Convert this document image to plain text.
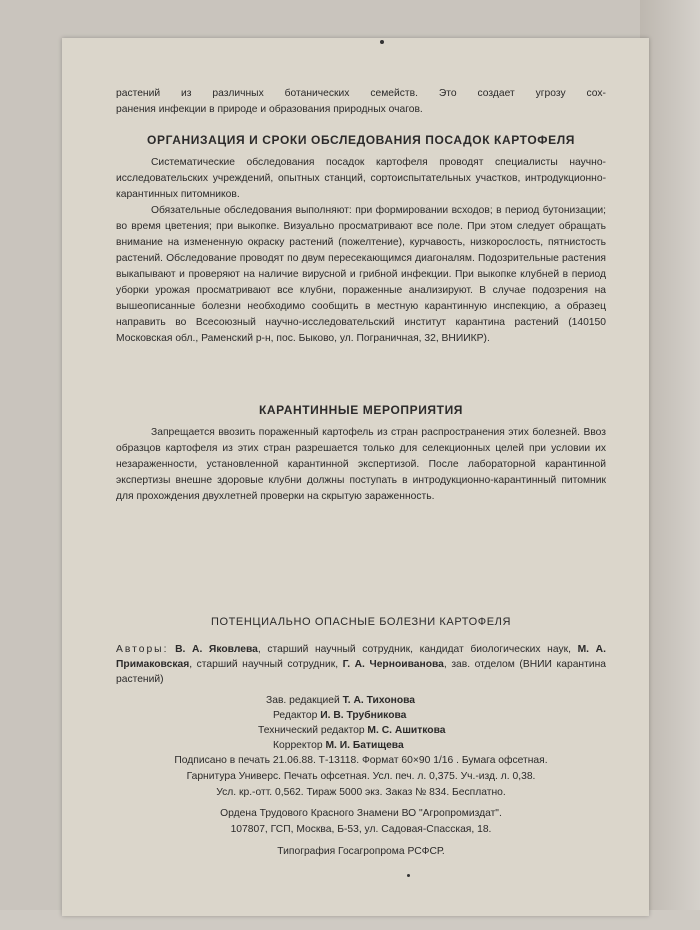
растений из различных ботанических семейств. Это создает угрозу сох-

ранения инфекции в природе и образования природных очагов.

ОРГАНИЗАЦИЯ И СРОКИ ОБСЛЕДОВАНИЯ ПОСАДОК КАРТОФЕЛЯ

Систематические обследования посадок картофеля проводят специалисты научно-исследовательских учреждений, опытных станций, сортоиспытательных участков, интродукционно-карантинных питомников.

Обязательные обследования выполняют: при формировании всходов; в период бутонизации; во время цветения; при выкопке. Визуально просматривают все поле. При этом следует обращать внимание на измененную окраску растений (пожелтение), курчавость, низкорослость, пятнистость растений. Обследование проводят по двум пересекающимся диагоналям. Подозрительные растения выкапывают и проверяют на наличие вирусной и грибной инфекции. При выкопке клубней в период уборки урожая просматривают все клубни, пораженные анализируют. В случае подозрения на вышеописанные болезни необходимо сообщить в местную карантинную инспекцию, а образец направить во Всесоюзный научно-исследовательский институт карантина растений (140150 Московская обл., Раменский р-н, пос. Быково, ул. Пограничная, 32, ВНИИКР).

КАРАНТИННЫЕ МЕРОПРИЯТИЯ

Запрещается ввозить пораженный картофель из стран распространения этих болезней. Ввоз образцов картофеля из этих стран разрешается только для селекционных целей при условии их незараженности, установленной карантинной экспертизой. После лабораторной карантинной экспертизы внешне здоровые клубни должны поступать в интродукционно-карантинный питомник для прохождения двухлетней проверки на скрытую зараженность.

ПОТЕНЦИАЛЬНО ОПАСНЫЕ БОЛЕЗНИ КАРТОФЕЛЯ

Авторы: В. А. Яковлева, старший научный сотрудник, кандидат биологических наук, М. А. Примаковская, старший научный сотрудник, Г. А. Черноиванова, зав. отделом (ВНИИ карантина растений)

Зав. редакцией Т. А. Тихонова
Редактор И. В. Трубникова
Технический редактор М. С. Ашиткова
Корректор М. И. Батищева

Подписано в печать 21.06.88. Т-13118. Формат 60×90 1/16 . Бумага офсетная.

Гарнитура Универс. Печать офсетная. Усл. печ. л. 0,375. Уч.-изд. л. 0,38.

Усл. кр.-отт. 0,562. Тираж 5000 экз. Заказ № 834. Бесплатно.

Ордена Трудового Красного Знамени ВО "Агропромиздат".

107807, ГСП, Москва, Б-53, ул. Садовая-Спасская, 18.

Типография Госагропрома РСФСР.
